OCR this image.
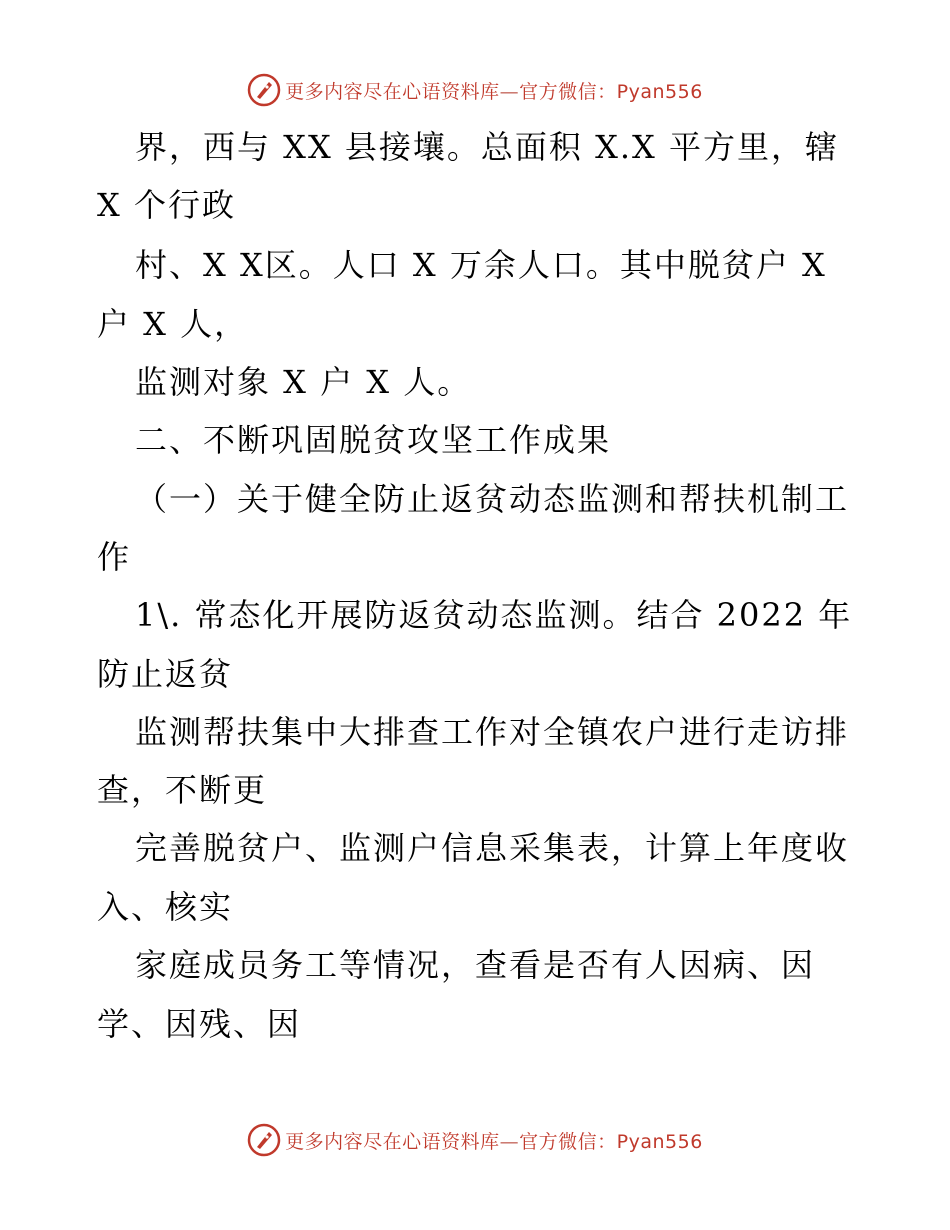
更多内容尽在心语资料库—官方微信：Pyan556
界，西与 XX 县接壤。总面积 X.X 平方里，辖
X 个行政
村、X X区。人口 X 万余人口。其中脱贫户 X
户 X 人，
监测对象 X 户 X 人。
二、不断巩固脱贫攻坚工作成果
（一）关于健全防止返贫动态监测和帮扶机制工
作
1\. 常态化开展防返贫动态监测。结合 2022 年
防止返贫
监测帮扶集中大排查工作对全镇农户进行走访排
查，不断更
完善脱贫户、监测户信息采集表，计算上年度收
入、核实
家庭成员务工等情况，查看是否有人因病、因
学、因残、因
更多内容尽在心语资料库—官方微信：Pyan556
